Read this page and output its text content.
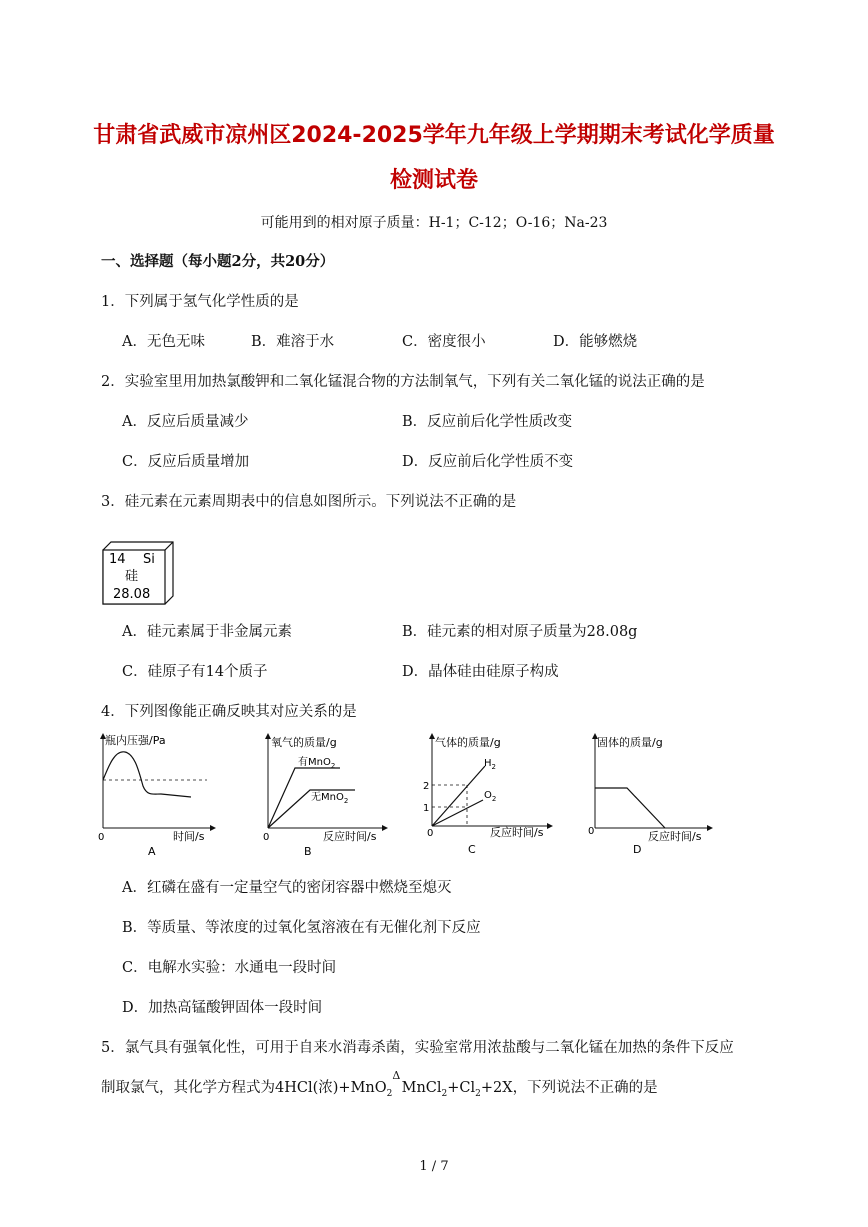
甘肃省武威市凉州区2024-2025学年九年级上学期期末考试化学质量
检测试卷
可能用到的相对原子质量：H-1；C-12；O-16；Na-23
一、选择题（每小题2分，共20分）
1．下列属于氢气化学性质的是
A．无色无味	B．难溶于水	C．密度很小	D．能够燃烧
2．实验室里用加热氯酸钾和二氧化锰混合物的方法制氧气，下列有关二氧化锰的说法正确的是
A．反应后质量减少	B．反应前后化学性质改变
C．反应后质量增加	D．反应前后化学性质不变
3．硅元素在元素周期表中的信息如图所示。下列说法不正确的是
14 Si
硅
28.08
A．硅元素属于非金属元素	B．硅元素的相对原子质量为28.08g
C．硅原子有14个质子	D．晶体硅由硅原子构成
4．下列图像能正确反映其对应关系的是
瓶内压强/Pa
时间/s
0
A
氧气的质量/g
有MnO$_2$
无MnO$_2$
反应时间/s
0
B
气体的质量/g
$H_2$
$O_2$
2
1
反应时间/s
0
C
固体的质量/g
反应时间/s
0
D
A．红磷在盛有一定量空气的密闭容器中燃烧至熄灭
B．等质量、等浓度的过氧化氢溶液在有无催化剂下反应
C．电解水实验：水通电一段时间
D．加热高锰酸钾固体一段时间
5．氯气具有强氧化性，可用于自来水消毒杀菌，实验室常用浓盐酸与二氧化锰在加热的条件下反应
制取氯气，其化学方程式为4HCl(浓)+MnO$_2$
Δ
$MnCl_2+Cl_2+2X$，下列说法不正确的是
1 / 7
